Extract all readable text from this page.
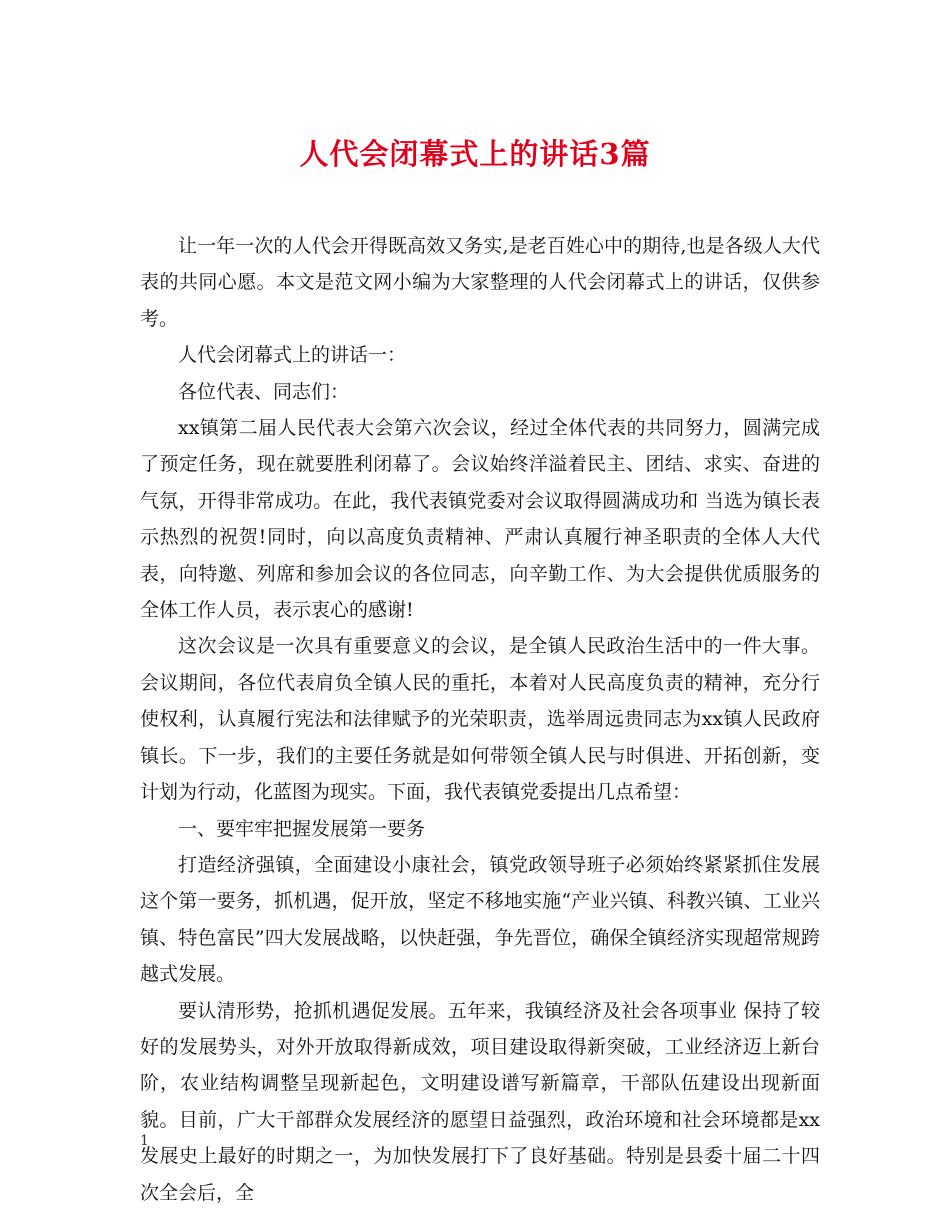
人代会闭幕式上的讲话3篇

让一年一次的人代会开得既高效又务实,是老百姓心中的期待,也是各级人大代表的共同心愿。本文是范文网小编为大家整理的人代会闭幕式上的讲话，仅供参考。

人代会闭幕式上的讲话一：

各位代表、同志们：

xx镇第二届人民代表大会第六次会议，经过全体代表的共同努力，圆满完成了预定任务，现在就要胜利闭幕了。会议始终洋溢着民主、团结、求实、奋进的气氛，开得非常成功。在此，我代表镇党委对会议取得圆满成功和 当选为镇长表示热烈的祝贺!同时，向以高度负责精神、严肃认真履行神圣职责的全体人大代表，向特邀、列席和参加会议的各位同志，向辛勤工作、为大会提供优质服务的全体工作人员，表示衷心的感谢!

这次会议是一次具有重要意义的会议，是全镇人民政治生活中的一件大事。会议期间，各位代表肩负全镇人民的重托，本着对人民高度负责的精神，充分行使权利，认真履行宪法和法律赋予的光荣职责，选举周远贵同志为xx镇人民政府镇长。下一步，我们的主要任务就是如何带领全镇人民与时俱进、开拓创新，变计划为行动，化蓝图为现实。下面，我代表镇党委提出几点希望：

一、要牢牢把握发展第一要务

打造经济强镇，全面建设小康社会，镇党政领导班子必须始终紧紧抓住发展这个第一要务，抓机遇，促开放，坚定不移地实施“产业兴镇、科教兴镇、工业兴镇、特色富民”四大发展战略，以快赶强，争先晋位，确保全镇经济实现超常规跨越式发展。

要认清形势，抢抓机遇促发展。五年来，我镇经济及社会各项事业 保持了较好的发展势头，对外开放取得新成效，项目建设取得新突破，工业经济迈上新台阶，农业结构调整呈现新起色，文明建设谱写新篇章，干部队伍建设出现新面貌。目前，广大干部群众发展经济的愿望日益强烈，政治环境和社会环境都是xx发展史上最好的时期之一，为加快发展打下了良好基础。特别是县委十届二十四次全会后，全

1
